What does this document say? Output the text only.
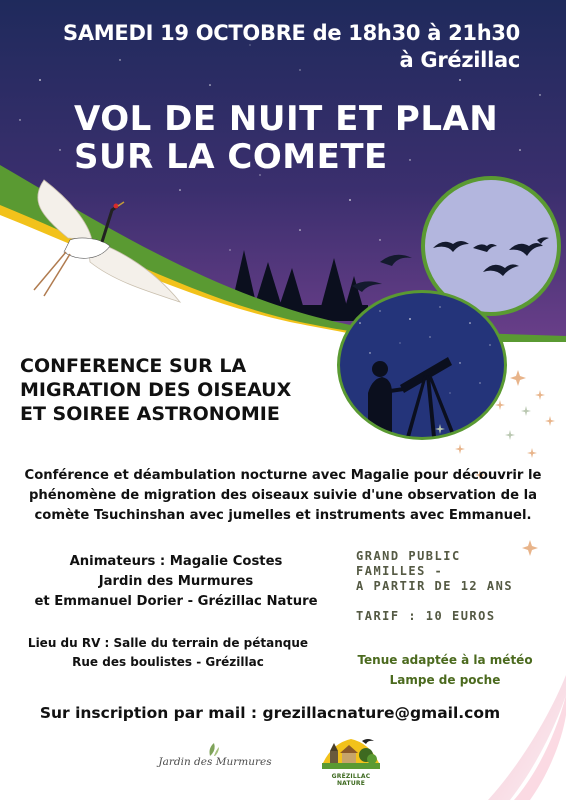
SAMEDI 19 OCTOBRE de 18h30 à 21h30
à Grézillac
VOL DE NUIT ET PLAN
SUR LA COMETE
CONFERENCE SUR LA
MIGRATION DES OISEAUX
ET SOIREE ASTRONOMIE
Conférence et déambulation nocturne avec Magalie pour découvrir le
phénomène de migration des oiseaux suivie d'une observation de la
comète Tsuchinshan avec jumelles et instruments avec Emmanuel.
Animateurs : Magalie Costes
Jardin des Murmures
et Emmanuel Dorier - Grézillac Nature
GRAND PUBLIC
FAMILLES -
A PARTIR DE 12 ANS
TARIF : 10 EUROS
Lieu du RV : Salle du terrain de pétanque
Rue des boulistes - Grézillac	Tenue adaptée à la météo
Lampe de poche
Sur inscription par mail : grezillacnature@gmail.com
Jardin des Murmures
GRÉZILLAC NATURE
